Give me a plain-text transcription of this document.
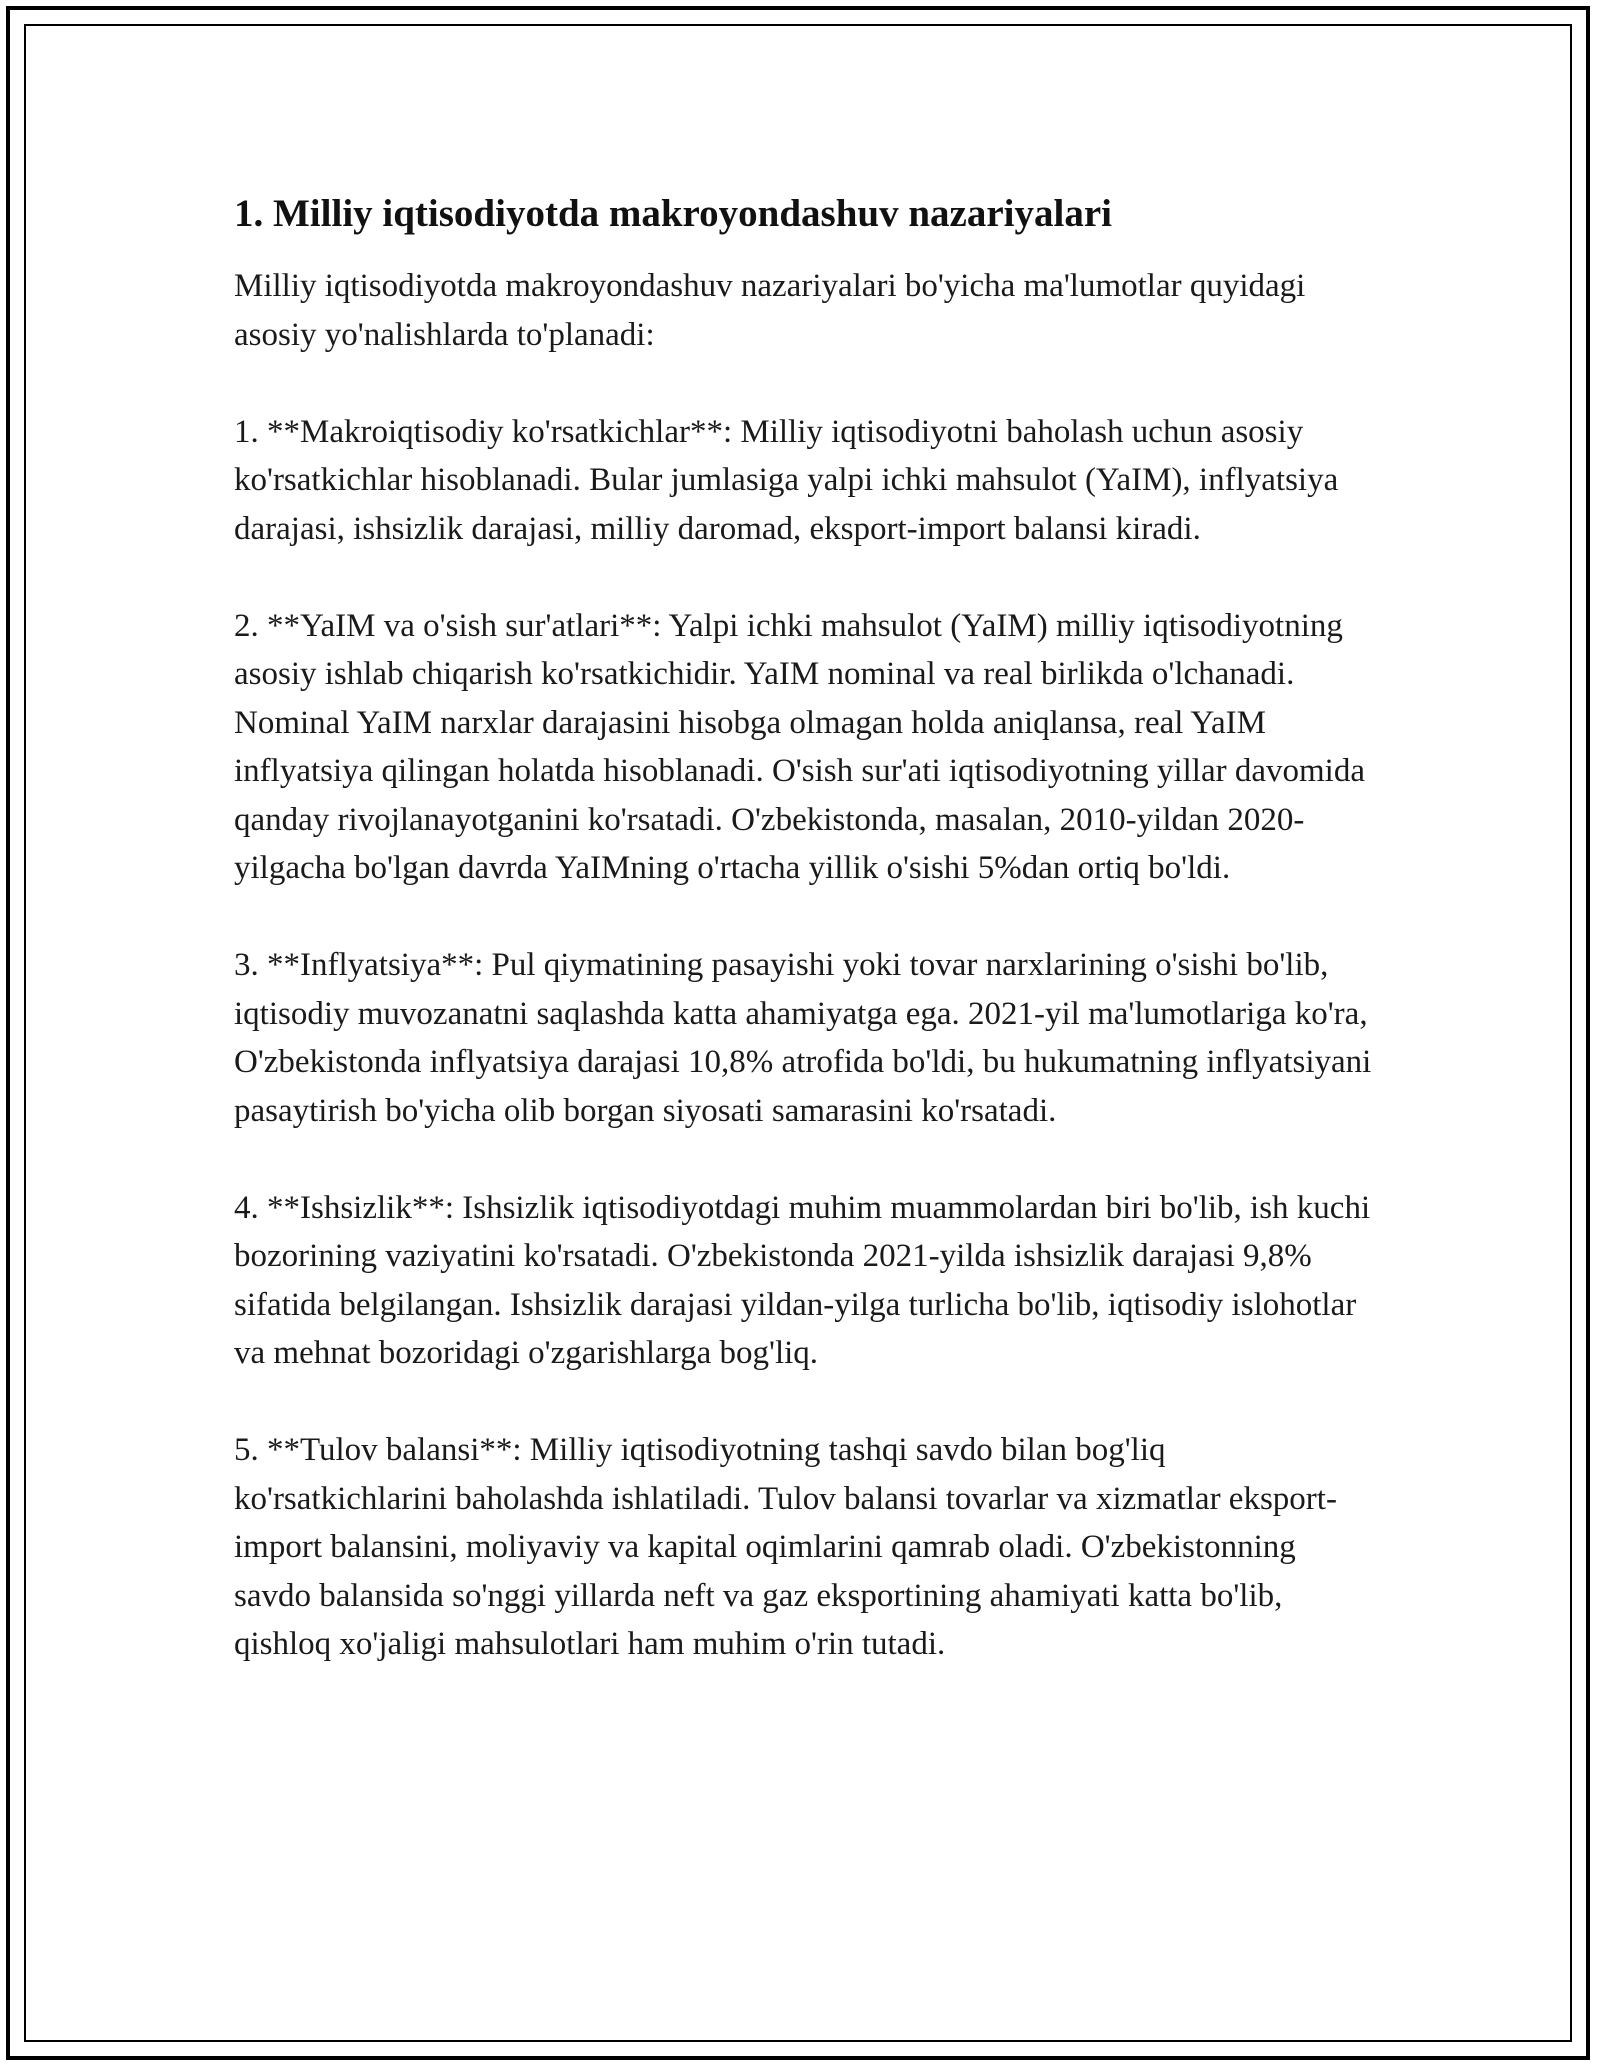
1. Milliy iqtisodiyotda makroyondashuv nazariyalari

Milliy iqtisodiyotda makroyondashuv nazariyalari bo'yicha ma'lumotlar quyidagi asosiy yo'nalishlarda to'planadi:

1. **Makroiqtisodiy ko'rsatkichlar**: Milliy iqtisodiyotni baholash uchun asosiy ko'rsatkichlar hisoblanadi. Bular jumlasiga yalpi ichki mahsulot (YaIM), inflyatsiya darajasi, ishsizlik darajasi, milliy daromad, eksport-import balansi kiradi.

2. **YaIM va o'sish sur'atlari**: Yalpi ichki mahsulot (YaIM) milliy iqtisodiyotning asosiy ishlab chiqarish ko'rsatkichidir. YaIM nominal va real birlikda o'lchanadi. Nominal YaIM narxlar darajasini hisobga olmagan holda aniqlansa, real YaIM inflyatsiya qilingan holatda hisoblanadi. O'sish sur'ati iqtisodiyotning yillar davomida qanday rivojlanayotganini ko'rsatadi. O'zbekistonda, masalan, 2010-yildan 2020-yilgacha bo'lgan davrda YaIMning o'rtacha yillik o'sishi 5%dan ortiq bo'ldi.

3. **Inflyatsiya**: Pul qiymatining pasayishi yoki tovar narxlarining o'sishi bo'lib, iqtisodiy muvozanatni saqlashda katta ahamiyatga ega. 2021-yil ma'lumotlariga ko'ra, O'zbekistonda inflyatsiya darajasi 10,8% atrofida bo'ldi, bu hukumatning inflyatsiyani pasaytirish bo'yicha olib borgan siyosati samarasini ko'rsatadi.

4. **Ishsizlik**: Ishsizlik iqtisodiyotdagi muhim muammolardan biri bo'lib, ish kuchi bozorining vaziyatini ko'rsatadi. O'zbekistonda 2021-yilda ishsizlik darajasi 9,8% sifatida belgilangan. Ishsizlik darajasi yildan-yilga turlicha bo'lib, iqtisodiy islohotlar va mehnat bozoridagi o'zgarishlarga bog'liq.

5. **Tulov balansi**: Milliy iqtisodiyotning tashqi savdo bilan bog'liq ko'rsatkichlarini baholashda ishlatiladi. Tulov balansi tovarlar va xizmatlar eksport-import balansini, moliyaviy va kapital oqimlarini qamrab oladi. O'zbekistonning savdo balansida so'nggi yillarda neft va gaz eksportining ahamiyati katta bo'lib, qishloq xo'jaligi mahsulotlari ham muhim o'rin tutadi.
